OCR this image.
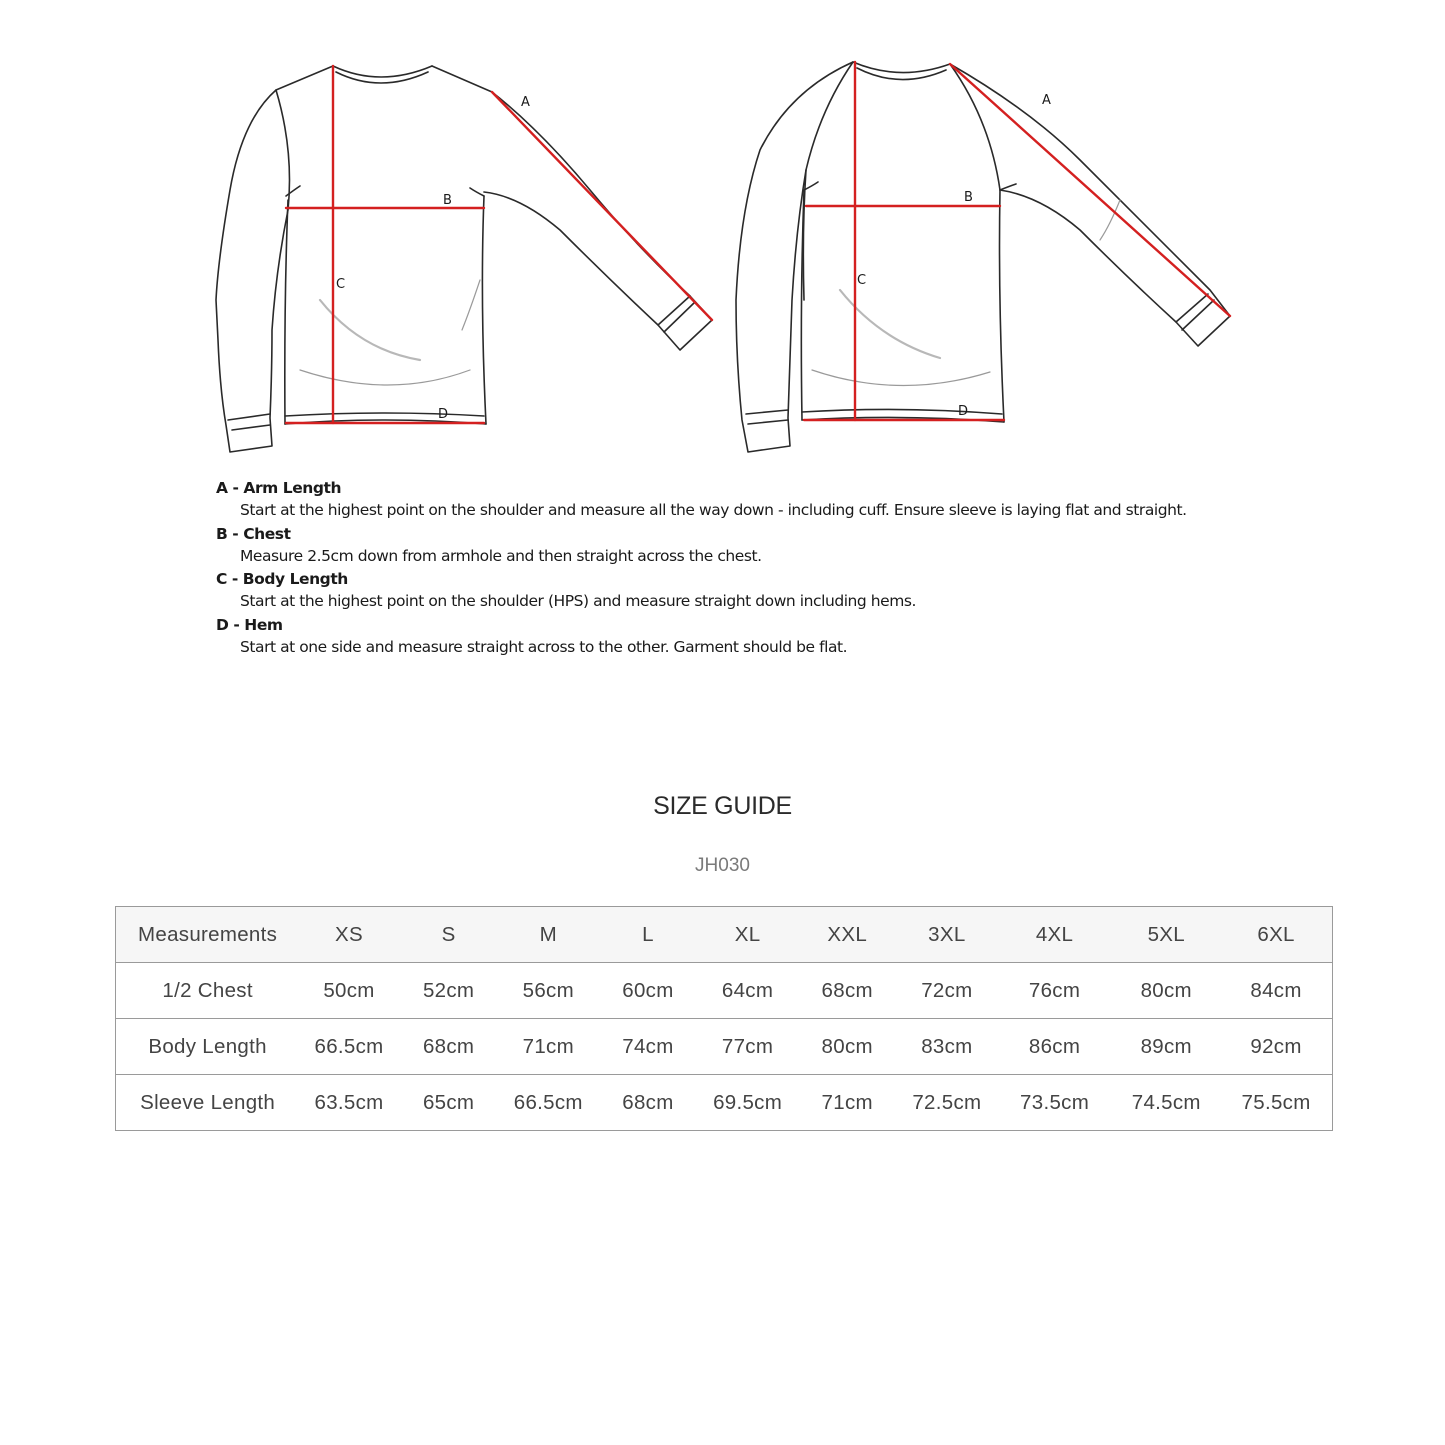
A
B
C
D
A
B
C
D
A - Arm Length
Start at the highest point on the shoulder and measure all the way down - including cuff. Ensure sleeve is laying flat and straight.
B - Chest
Measure 2.5cm down from armhole and then straight across the chest.
C - Body Length
Start at the highest point on the shoulder (HPS) and measure straight down including hems.
D - Hem
Start at one side and measure straight across to the other. Garment should be flat.
SIZE GUIDE
JH030
Measurements	XS	S	M	L	XL	XXL	3XL	4XL	5XL	6XL
1/2 Chest	50cm	52cm	56cm	60cm	64cm	68cm	72cm	76cm	80cm	84cm
Body Length	66.5cm	68cm	71cm	74cm	77cm	80cm	83cm	86cm	89cm	92cm
Sleeve Length	63.5cm	65cm	66.5cm	68cm	69.5cm	71cm	72.5cm	73.5cm	74.5cm	75.5cm
